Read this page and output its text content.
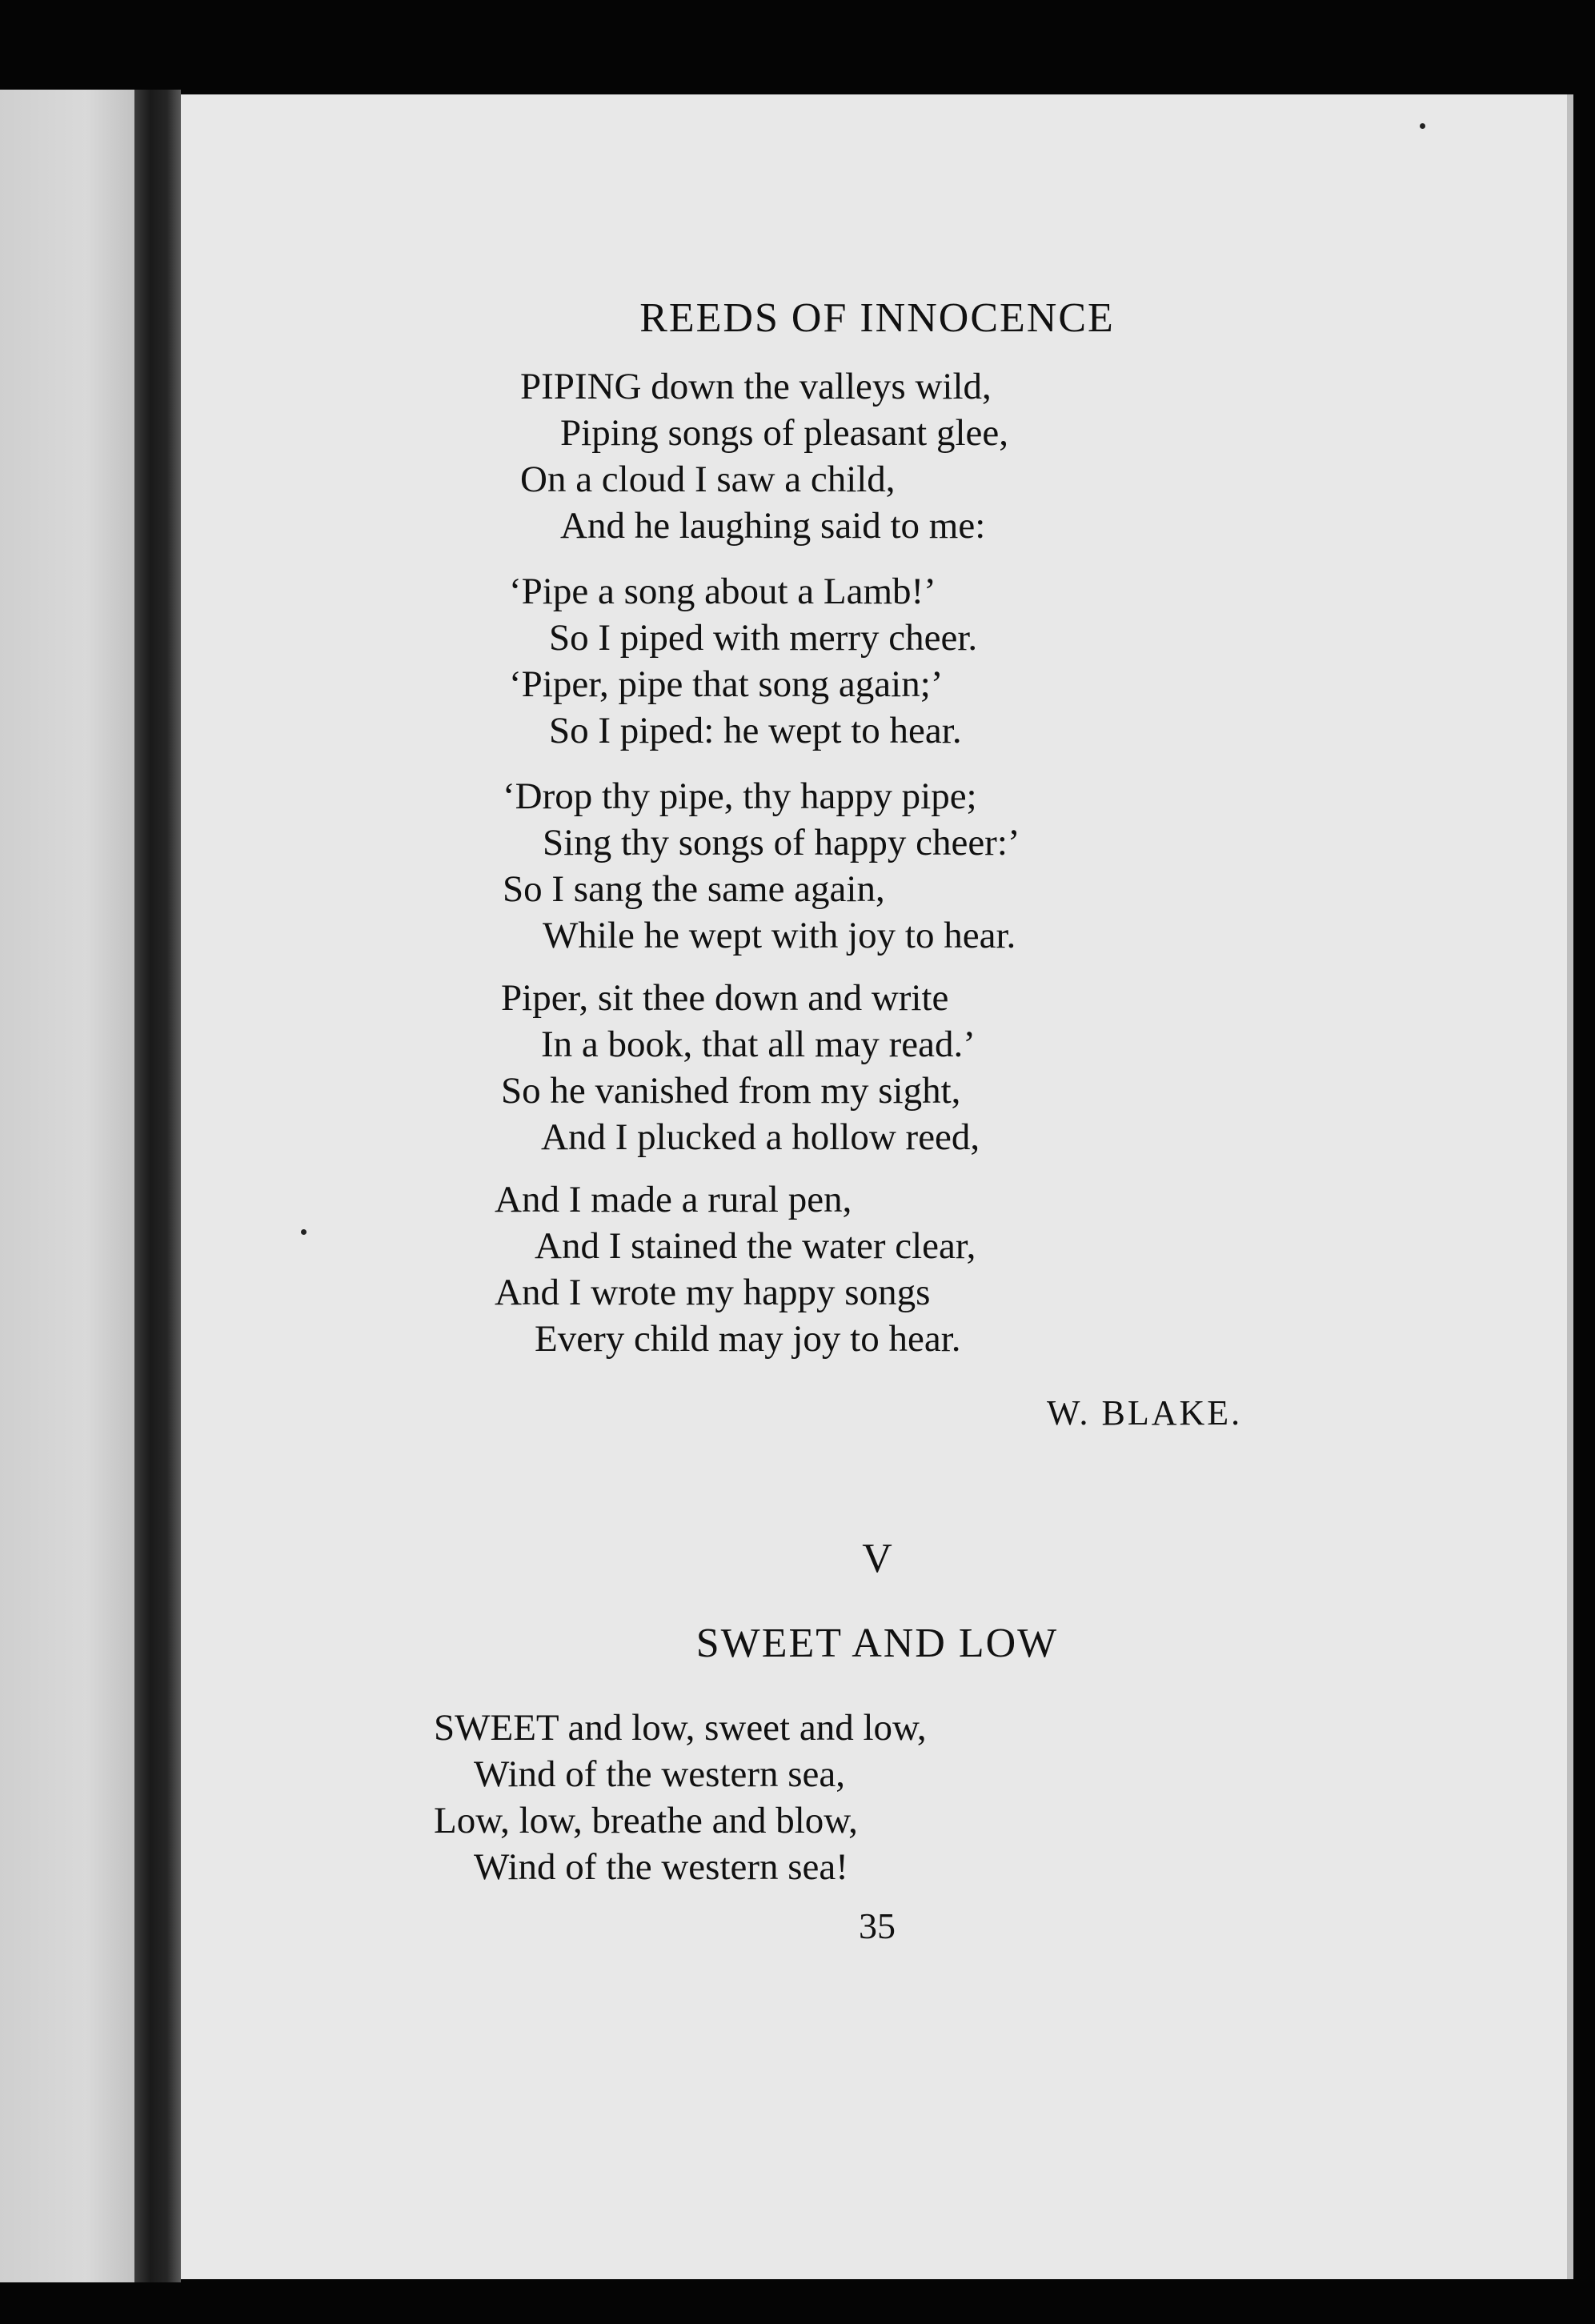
REEDS OF INNOCENCE
PIPING down the valleys wild,
Piping songs of pleasant glee,
On a cloud I saw a child,
And he laughing said to me:
‘Pipe a song about a Lamb!’
So I piped with merry cheer.
‘Piper, pipe that song again;’
So I piped: he wept to hear.
‘Drop thy pipe, thy happy pipe;
Sing thy songs of happy cheer:’
So I sang the same again,
While he wept with joy to hear.
Piper, sit thee down and write
In a book, that all may read.’
So he vanished from my sight,
And I plucked a hollow reed,
And I made a rural pen,
And I stained the water clear,
And I wrote my happy songs
Every child may joy to hear.
W. BLAKE.
V
SWEET AND LOW
SWEET and low, sweet and low,
Wind of the western sea,
Low, low, breathe and blow,
Wind of the western sea!
35
